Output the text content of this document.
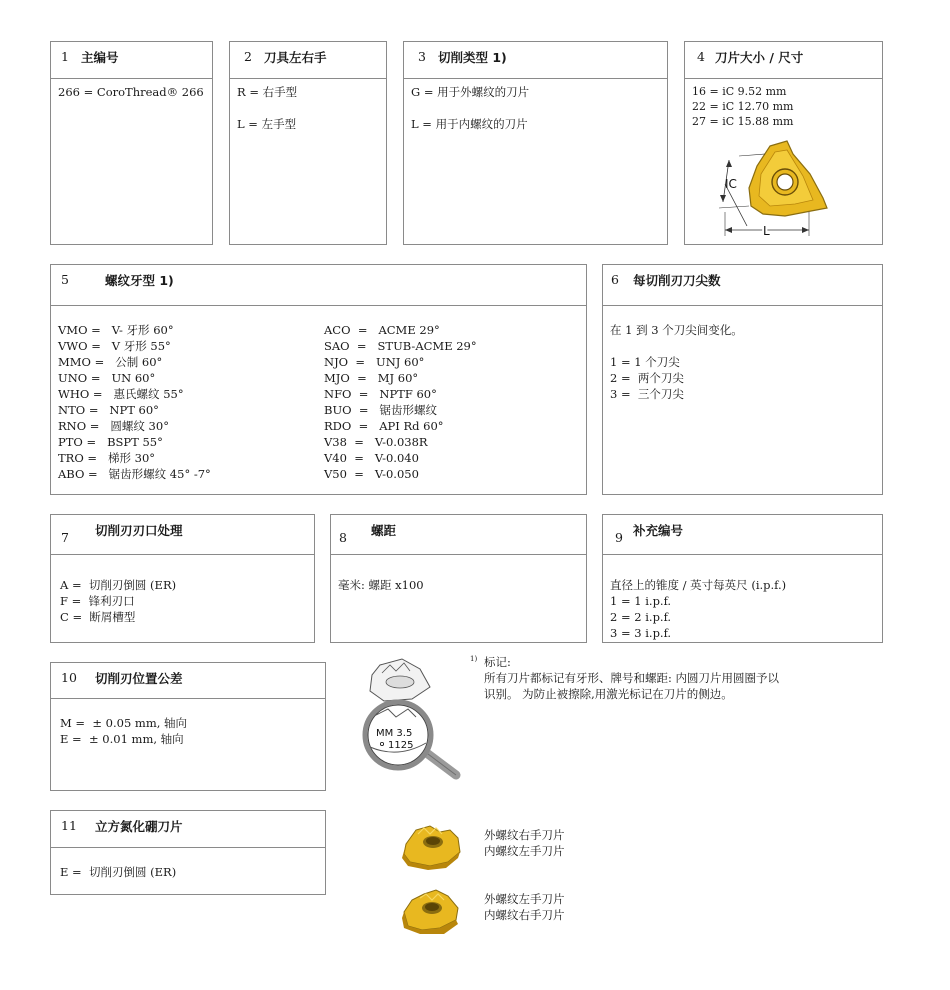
1 主编号
266 = CoroThread® 266
2 刀具左右手
R = 右手型
L = 左手型
3 切削类型 1)
G = 用于外螺纹的刀片
L = 用于内螺纹的刀片
4 刀片大小 / 尺寸
16 = iC 9.52 mm
22 = iC 12.70 mm
27 = iC 15.88 mm
IC
L
5	螺纹牙型 1)
VMO =   V- 牙形 60°
VWO =   V 牙形 55°
MMO =   公制 60°
UNO =   UN 60°
WHO =   惠氏螺纹 55°
NTO =   NPT 60°
RNO =   圆螺纹 30°
PTO =   BSPT 55°
TRO =   梯形 30°
ABO =   锯齿形螺纹 45° -7°
ACO  =   ACME 29°
SAO  =   STUB-ACME 29°
NJO  =   UNJ 60°
MJO  =   MJ 60°
NFO  =   NPTF 60°
BUO  =   锯齿形螺纹
RDO  =   API Rd 60°
V38  =   V-0.038R
V40  =   V-0.040
V50  =   V-0.050
6 每切削刃刀尖数
在 1 到 3 个刀尖间变化。
1 = 1 个刀尖
2 =  两个刀尖
3 =  三个刀尖
7 切削刃刃口处理
A =  切削刃倒圆 (ER)
F =  锋利刃口
C =  断屑槽型
8 螺距
毫米: 螺距 x100
9 补充编号
直径上的锥度 / 英寸每英尺 (i.p.f.)
1 = 1 i.p.f.
2 = 2 i.p.f.
3 = 3 i.p.f.
10 切削刃位置公差
M =  ± 0.05 mm, 轴向
E =  ± 0.01 mm, 轴向
11 立方氮化硼刀片
E =  切削刃倒圆 (ER)
MM 3.5
1125
1) 标记:
所有刀片都标记有牙形、牌号和螺距: 内圆刀片用圆圈予以
识别。 为防止被擦除,用激光标记在刀片的侧边。
外螺纹右手刀片
内螺纹左手刀片
外螺纹左手刀片
内螺纹右手刀片
